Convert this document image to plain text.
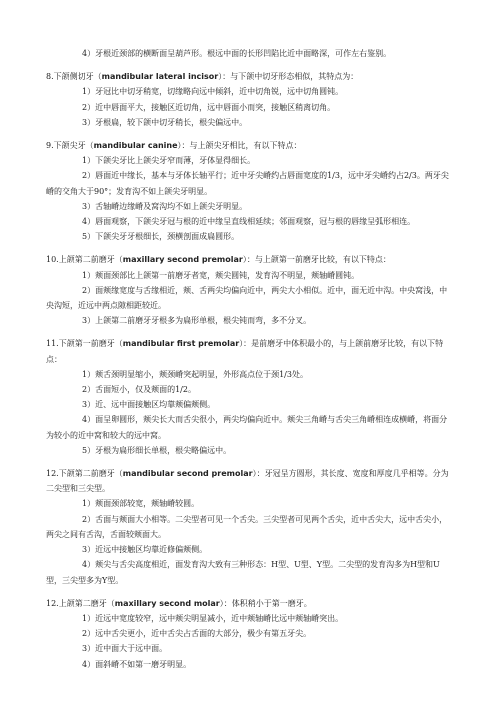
4）牙根近颈部的横断面呈葫芦形。根远中面的长形凹陷比近中面略深，可作左右鉴别。

8.下颌侧切牙（mandibular lateral incisor）：与下颌中切牙形态相似，其特点为：

1）牙冠比中切牙稍宽，切缘略向远中倾斜，近中切角锐，远中切角圆钝。

2）近中唇面平大，接触区近切角，远中唇面小而突，接触区稍离切角。

3）牙根扁，较下颌中切牙稍长，根尖偏远中。

9.下颌尖牙（mandibular canine）：与上颌尖牙相比，有以下特点：

1）下颌尖牙比上颌尖牙窄而薄，牙体显得细长。

2）唇面近中缘长，基本与牙体长轴平行；近中牙尖嵴约占唇面宽度的1/3，远中牙尖嵴约占2/3。两牙尖嵴的交角大于90°；发育沟不如上颌尖牙明显。

3）舌轴嵴边缘嵴及窝沟均不如上颌尖牙明显。

4）唇面观察，下颌尖牙冠与根的近中缘呈直线相延续；邻面观察，冠与根的唇缘呈弧形相连。

5）下颌尖牙牙根细长，颈横剖面成扁圆形。

10.上颌第二前磨牙（maxillary second premolar）：与上颌第一前磨牙比较，有以下特点：

1）颊面颈部比上颌第一前磨牙者宽，颊尖圆钝，发育沟不明显，颊轴嵴圆钝。

2）面颊缘宽度与舌缘相近，颊、舌两尖均偏向近中，两尖大小相似。近中，面无近中沟。中央窝浅，中央沟短，近远中两点隙相距较近。

3）上颌第二前磨牙牙根多为扁形单根，根尖钝而弯，多不分叉。

11.下颌第一前磨牙（mandibular first premolar）：是前磨牙中体积最小的，与上颌前磨牙比较，有以下特点：

1）颊舌颈明显缩小，颊颈嵴突起明显，外形高点位于颈1/3处。

2）舌面短小，仅及颊面的1/2。

3）近、远中面接触区均靠颊偏颊侧。

4）面呈卵圆形，颊尖长大而舌尖很小，两尖均偏向近中。颊尖三角嵴与舌尖三角嵴相连成横嵴，将面分为较小的近中窝和较大的远中窝。

5）牙根为扁形细长单根，根尖略偏远中。

12.下颌第二前磨牙（mandibular second premolar）：牙冠呈方圆形，其长度、宽度和厚度几乎相等。分为二尖型和三尖型。

1）颊面颈部较宽，颊轴嵴较圆。

2）舌面与颊面大小相等。二尖型者可见一个舌尖。三尖型者可见两个舌尖，近中舌尖大，远中舌尖小，两尖之间有舌沟，舌面较颊面大。

3）近远中接触区均靠近修偏颊侧。

4）颊尖与舌尖高度相近，面发育沟大致有三种形态：H型、U型、Y型。二尖型的发育沟多为H型和U型，三尖型多为Y型。

12.上颌第二磨牙（maxillary second molar）：体积稍小于第一磨牙。

1）近远中宽度较窄，远中颊尖明显减小，近中颊轴嵴比远中颊轴嵴突出。

2）远中舌尖更小，近中舌尖占舌面的大部分，极少有第五牙尖。

3）近中面大于远中面。

4）面斜嵴不如第一磨牙明显。
